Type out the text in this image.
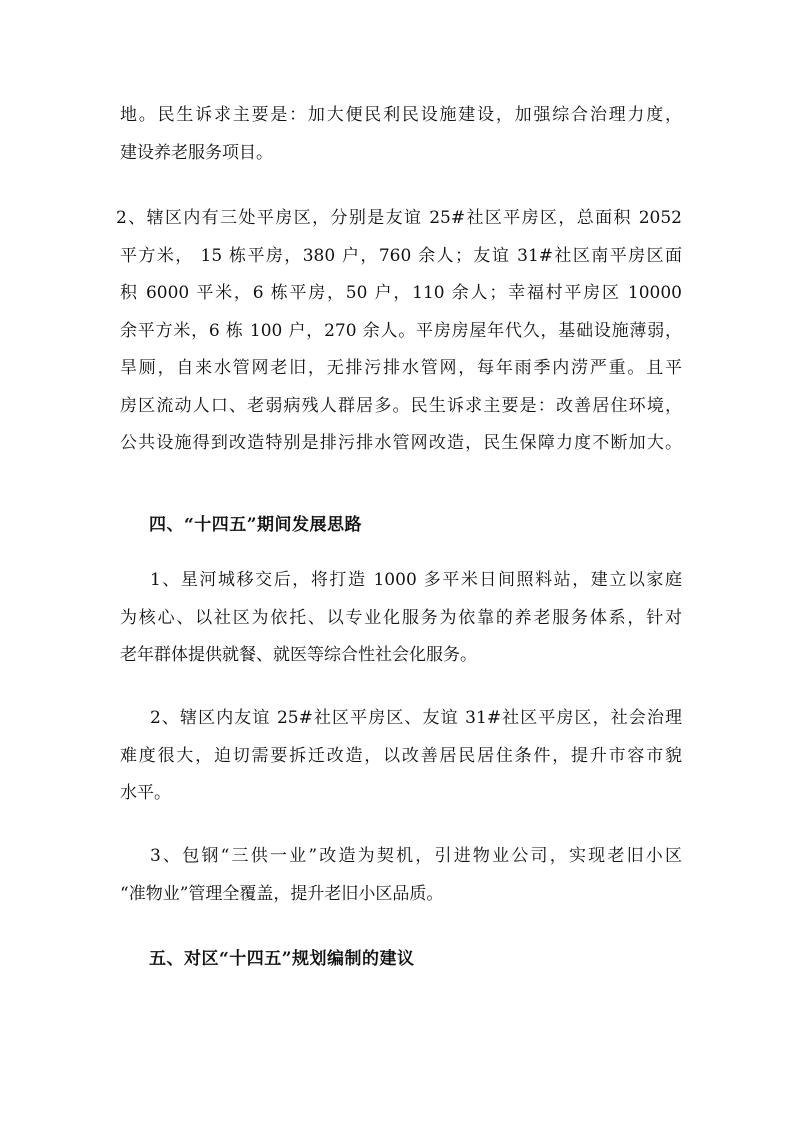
地。民生诉求主要是：加大便民利民设施建设，加强综合治理力度，
建设养老服务项目。
2、辖区内有三处平房区，分别是友谊 25#社区平房区，总面积 2052
平方米， 15 栋平房，380 户，760 余人；友谊 31#社区南平房区面
积 6000 平米，6 栋平房，50 户，110 余人；幸福村平房区 10000
余平方米，6 栋 100 户，270 余人。平房房屋年代久，基础设施薄弱，
旱厕，自来水管网老旧，无排污排水管网，每年雨季内涝严重。且平
房区流动人口、老弱病残人群居多。民生诉求主要是：改善居住环境，
公共设施得到改造特别是排污排水管网改造，民生保障力度不断加大。
四、“十四五”期间发展思路
1、星河城移交后，将打造 1000 多平米日间照料站，建立以家庭
为核心、以社区为依托、以专业化服务为依靠的养老服务体系，针对
老年群体提供就餐、就医等综合性社会化服务。
2、辖区内友谊 25#社区平房区、友谊 31#社区平房区，社会治理
难度很大，迫切需要拆迁改造，以改善居民居住条件，提升市容市貌
水平。
3、包钢“三供一业”改造为契机，引进物业公司，实现老旧小区
“准物业”管理全覆盖，提升老旧小区品质。
五、对区“十四五”规划编制的建议
